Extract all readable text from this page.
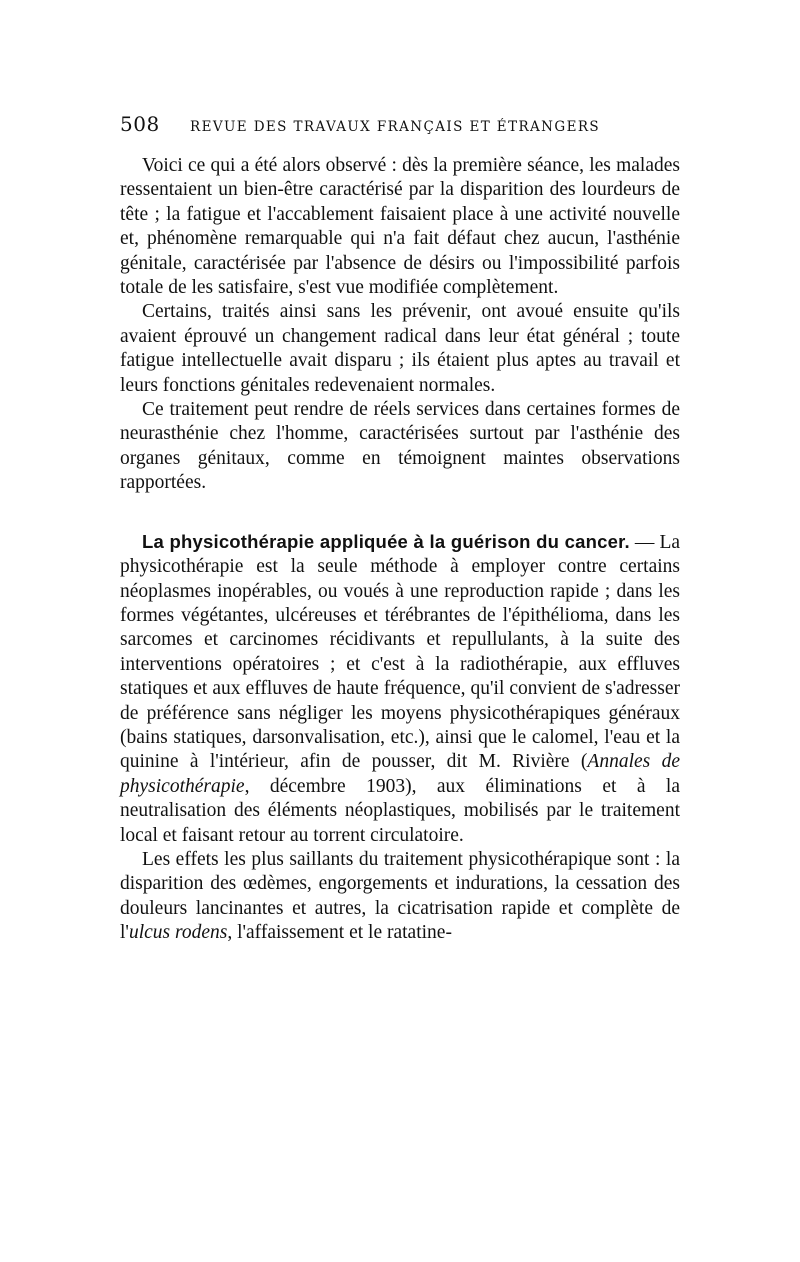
508	REVUE DES TRAVAUX FRANÇAIS ET ÉTRANGERS

Voici ce qui a été alors observé : dès la première séance, les malades ressentaient un bien-être caractérisé par la disparition des lourdeurs de tête ; la fatigue et l'accablement faisaient place à une activité nouvelle et, phénomène remarquable qui n'a fait défaut chez aucun, l'asthénie génitale, caractérisée par l'absence de désirs ou l'impossibilité parfois totale de les satisfaire, s'est vue modifiée complètement.

Certains, traités ainsi sans les prévenir, ont avoué ensuite qu'ils avaient éprouvé un changement radical dans leur état général ; toute fatigue intellectuelle avait disparu ; ils étaient plus aptes au travail et leurs fonctions génitales redevenaient normales.

Ce traitement peut rendre de réels services dans certaines formes de neurasthénie chez l'homme, caractérisées surtout par l'asthénie des organes génitaux, comme en témoignent maintes observations rapportées.

La physicothérapie appliquée à la guérison du cancer. — La physicothérapie est la seule méthode à employer contre certains néoplasmes inopérables, ou voués à une reproduction rapide ; dans les formes végétantes, ulcéreuses et térébrantes de l'épithélioma, dans les sarcomes et carcinomes récidivants et repullulants, à la suite des interventions opératoires ; et c'est à la radiothérapie, aux effluves statiques et aux effluves de haute fréquence, qu'il convient de s'adresser de préférence sans négliger les moyens physicothérapiques généraux (bains statiques, darsonvalisation, etc.), ainsi que le calomel, l'eau et la quinine à l'intérieur, afin de pousser, dit M. Rivière (Annales de physicothérapie, décembre 1903), aux éliminations et à la neutralisation des éléments néoplastiques, mobilisés par le traitement local et faisant retour au torrent circulatoire.

Les effets les plus saillants du traitement physicothérapique sont : la disparition des œdèmes, engorgements et indurations, la cessation des douleurs lancinantes et autres, la cicatrisation rapide et complète de l'ulcus rodens, l'affaissement et le ratatine-
